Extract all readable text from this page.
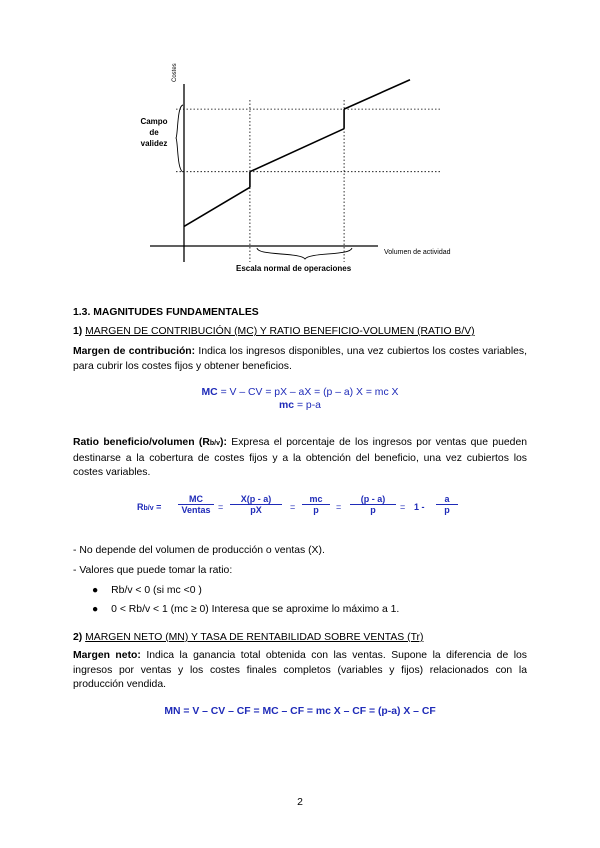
Costes
Volumen de actividad
Campo
de
validez
Escala normal de operaciones
1.3. MAGNITUDES FUNDAMENTALES
1) MARGEN DE CONTRIBUCIÓN (MC) Y RATIO BENEFICIO-VOLUMEN (RATIO B/V)
Margen de contribución: Indica los ingresos disponibles, una vez cubiertos los costes variables, para cubrir los costes fijos y obtener beneficios.
MC = V – CV = pX – aX = (p – a) X = mc X
mc = p-a
Ratio beneficio/volumen (Rb/v): Expresa el porcentaje de los ingresos por ventas que pueden destinarse a la cobertura de costes fijos y a la obtención del beneficio, una vez cubiertos los costes variables.
Rb/v =
MC
Ventas =
X(p - a)
pX	=
mc
p	=
(p - a)
p	= 1 -
a
p
- No depende del volumen de producción o ventas (X).
- Valores que puede tomar la ratio:
● Rb/v < 0 (si mc <0 )
● 0 < Rb/v < 1 (mc ≥ 0) Interesa que se aproxime lo máximo a 1.
2) MARGEN NETO (MN) Y TASA DE RENTABILIDAD SOBRE VENTAS (Tr)
Margen neto: Indica la ganancia total obtenida con las ventas. Supone la diferencia de los ingresos por ventas y los costes finales completos (variables y fijos) relacionados con la producción vendida.
MN = V – CV – CF = MC – CF = mc X – CF = (p-a) X – CF
2
